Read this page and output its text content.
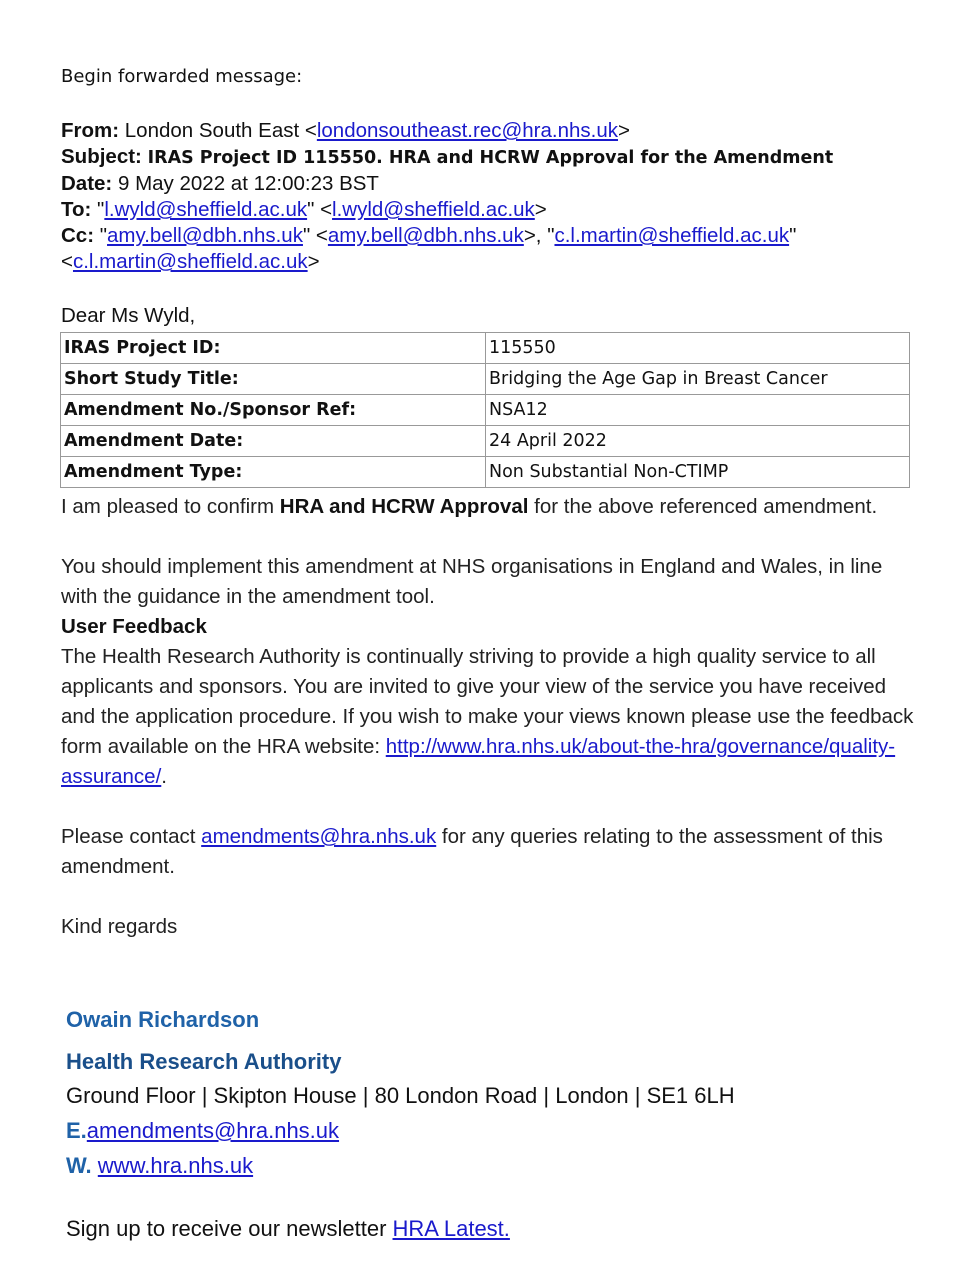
Begin forwarded message:
From: London South East <londonsoutheast.rec@hra.nhs.uk>
Subject: IRAS Project ID 115550. HRA and HCRW Approval for the Amendment
Date: 9 May 2022 at 12:00:23 BST
To: "l.wyld@sheffield.ac.uk" <l.wyld@sheffield.ac.uk>
Cc: "amy.bell@dbh.nhs.uk" <amy.bell@dbh.nhs.uk>, "c.l.martin@sheffield.ac.uk"
<c.l.martin@sheffield.ac.uk>
Dear Ms Wyld,
IRAS Project ID:	115550
Short Study Title:	Bridging the Age Gap in Breast Cancer
Amendment No./Sponsor Ref:	NSA12
Amendment Date:	24 April 2022
Amendment Type:	Non Substantial Non-CTIMP

I am pleased to confirm HRA and HCRW Approval for the above referenced amendment.

You should implement this amendment at NHS organisations in England and Wales, in line with the guidance in the amendment tool.

User Feedback

The Health Research Authority is continually striving to provide a high quality service to all applicants and sponsors. You are invited to give your view of the service you have received and the application procedure. If you wish to make your views known please use the feedback form available on the HRA website: http://www.hra.nhs.uk/about-the-hra/governance/quality-assurance/.

Please contact amendments@hra.nhs.uk for any queries relating to the assessment of this amendment.

Kind regards

Owain Richardson
Health Research Authority
Ground Floor | Skipton House | 80 London Road | London | SE1 6LH
E.amendments@hra.nhs.uk
W. www.hra.nhs.uk
Sign up to receive our newsletter HRA Latest.
